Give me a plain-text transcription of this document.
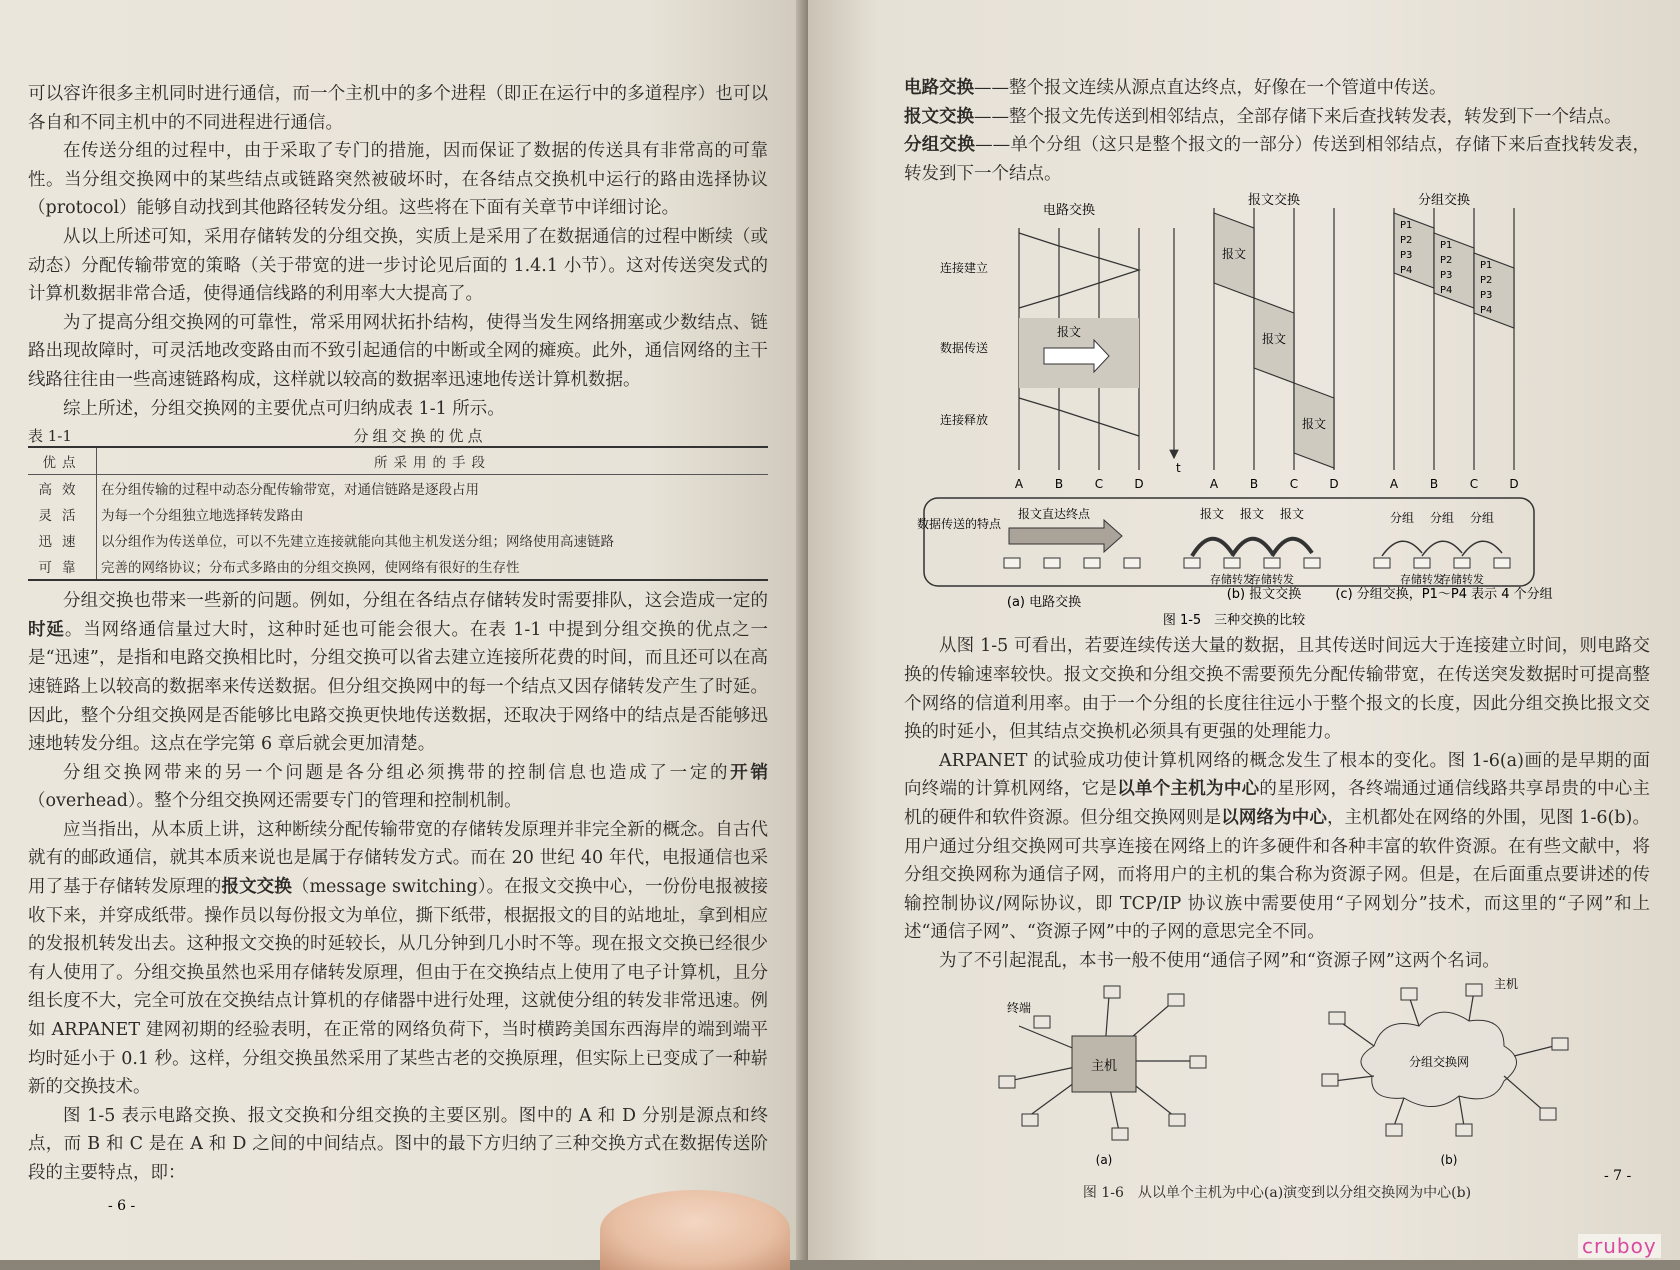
可以容许很多主机同时进行通信，而一个主机中的多个进程（即正在运行中的多道程序）也可以各自和不同主机中的不同进程进行通信。

在传送分组的过程中，由于采取了专门的措施，因而保证了数据的传送具有非常高的可靠性。当分组交换网中的某些结点或链路突然被破坏时，在各结点交换机中运行的路由选择协议（protocol）能够自动找到其他路径转发分组。这些将在下面有关章节中详细讨论。

从以上所述可知，采用存储转发的分组交换，实质上是采用了在数据通信的过程中断续（或动态）分配传输带宽的策略（关于带宽的进一步讨论见后面的 1.4.1 小节）。这对传送突发式的计算机数据非常合适，使得通信线路的利用率大大提高了。

为了提高分组交换网的可靠性，常采用网状拓扑结构，使得当发生网络拥塞或少数结点、链路出现故障时，可灵活地改变路由而不致引起通信的中断或全网的瘫痪。此外，通信网络的主干线路往往由一些高速链路构成，这样就以较高的数据率迅速地传送计算机数据。

综上所述，分组交换网的主要优点可归纳成表 1-1 所示。

表 1-1	分组交换的优点
优点	所采用的手段
高效	在分组传输的过程中动态分配传输带宽，对通信链路是逐段占用
灵活	为每一个分组独立地选择转发路由
迅速	以分组作为传送单位，可以不先建立连接就能向其他主机发送分组；网络使用高速链路
可靠	完善的网络协议；分布式多路由的分组交换网，使网络有很好的生存性

分组交换也带来一些新的问题。例如，分组在各结点存储转发时需要排队，这会造成一定的时延。当网络通信量过大时，这种时延也可能会很大。在表 1-1 中提到分组交换的优点之一是“迅速”，是指和电路交换相比时，分组交换可以省去建立连接所花费的时间，而且还可以在高速链路上以较高的数据率来传送数据。但分组交换网中的每一个结点又因存储转发产生了时延。因此，整个分组交换网是否能够比电路交换更快地传送数据，还取决于网络中的结点是否能够迅速地转发分组。这点在学完第 6 章后就会更加清楚。

分组交换网带来的另一个问题是各分组必须携带的控制信息也造成了一定的开销（overhead）。整个分组交换网还需要专门的管理和控制机制。

应当指出，从本质上讲，这种断续分配传输带宽的存储转发原理并非完全新的概念。自古代就有的邮政通信，就其本质来说也是属于存储转发方式。而在 20 世纪 40 年代，电报通信也采用了基于存储转发原理的报文交换（message switching）。在报文交换中心，一份份电报被接收下来，并穿成纸带。操作员以每份报文为单位，撕下纸带，根据报文的目的站地址，拿到相应的发报机转发出去。这种报文交换的时延较长，从几分钟到几小时不等。现在报文交换已经很少有人使用了。分组交换虽然也采用存储转发原理，但由于在交换结点上使用了电子计算机，且分组长度不大，完全可放在交换结点计算机的存储器中进行处理，这就使分组的转发非常迅速。例如 ARPANET 建网初期的经验表明，在正常的网络负荷下，当时横跨美国东西海岸的端到端平均时延小于 0.1 秒。这样，分组交换虽然采用了某些古老的交换原理，但实际上已变成了一种崭新的交换技术。

图 1-5 表示电路交换、报文交换和分组交换的主要区别。图中的 A 和 D 分别是源点和终点，而 B 和 C 是在 A 和 D 之间的中间结点。图中的最下方归纳了三种交换方式在数据传送阶段的主要特点，即：

- 6 -

电路交换——整个报文连续从源点直达终点，好像在一个管道中传送。

报文交换——整个报文先传送到相邻结点，全部存储下来后查找转发表，转发到下一个结点。

分组交换——单个分组（这只是整个报文的一部分）传送到相邻结点，存储下来后查找转发表，转发到下一个结点。

电路交换
报文
连接建立
数据传送
连接释放
t
A	B	C	D
报文交换
报文
报文
报文
A	B	C	D
分组交换
P1
P2
P3
P4
P1
P2
P3
P4
P1
P2
P3
P4
A	B	C	D
数据传送的特点
报文直达终点	报文 报文 报文
存储转发
存储转发
分组 分组 分组
存储转发
存储转发
(a) 电路交换
(b) 报文交换	(c) 分组交换，P1～P4 表示 4 个分组
图 1-5　三种交换的比较

从图 1-5 可看出，若要连续传送大量的数据，且其传送时间远大于连接建立时间，则电路交换的传输速率较快。报文交换和分组交换不需要预先分配传输带宽，在传送突发数据时可提高整个网络的信道利用率。由于一个分组的长度往往远小于整个报文的长度，因此分组交换比报文交换的时延小，但其结点交换机必须具有更强的处理能力。

ARPANET 的试验成功使计算机网络的概念发生了根本的变化。图 1-6(a)画的是早期的面向终端的计算机网络，它是以单个主机为中心的星形网，各终端通过通信线路共享昂贵的中心主机的硬件和软件资源。但分组交换网则是以网络为中心，主机都处在网络的外围，见图 1-6(b)。用户通过分组交换网可共享连接在网络上的许多硬件和各种丰富的软件资源。在有些文献中，将分组交换网称为通信子网，而将用户的主机的集合称为资源子网。但是，在后面重点要讲述的传输控制协议/网际协议，即 TCP/IP 协议族中需要使用“子网划分”技术，而这里的“子网”和上述“通信子网”、“资源子网”中的子网的意思完全不同。

为了不引起混乱，本书一般不使用“通信子网”和“资源子网”这两个名词。

主机
终端
(a)
分组交换网
主机
(b)
图 1-6　从以单个主机为中心(a)演变到以分组交换网为中心(b)
- 7 -
cruboy
